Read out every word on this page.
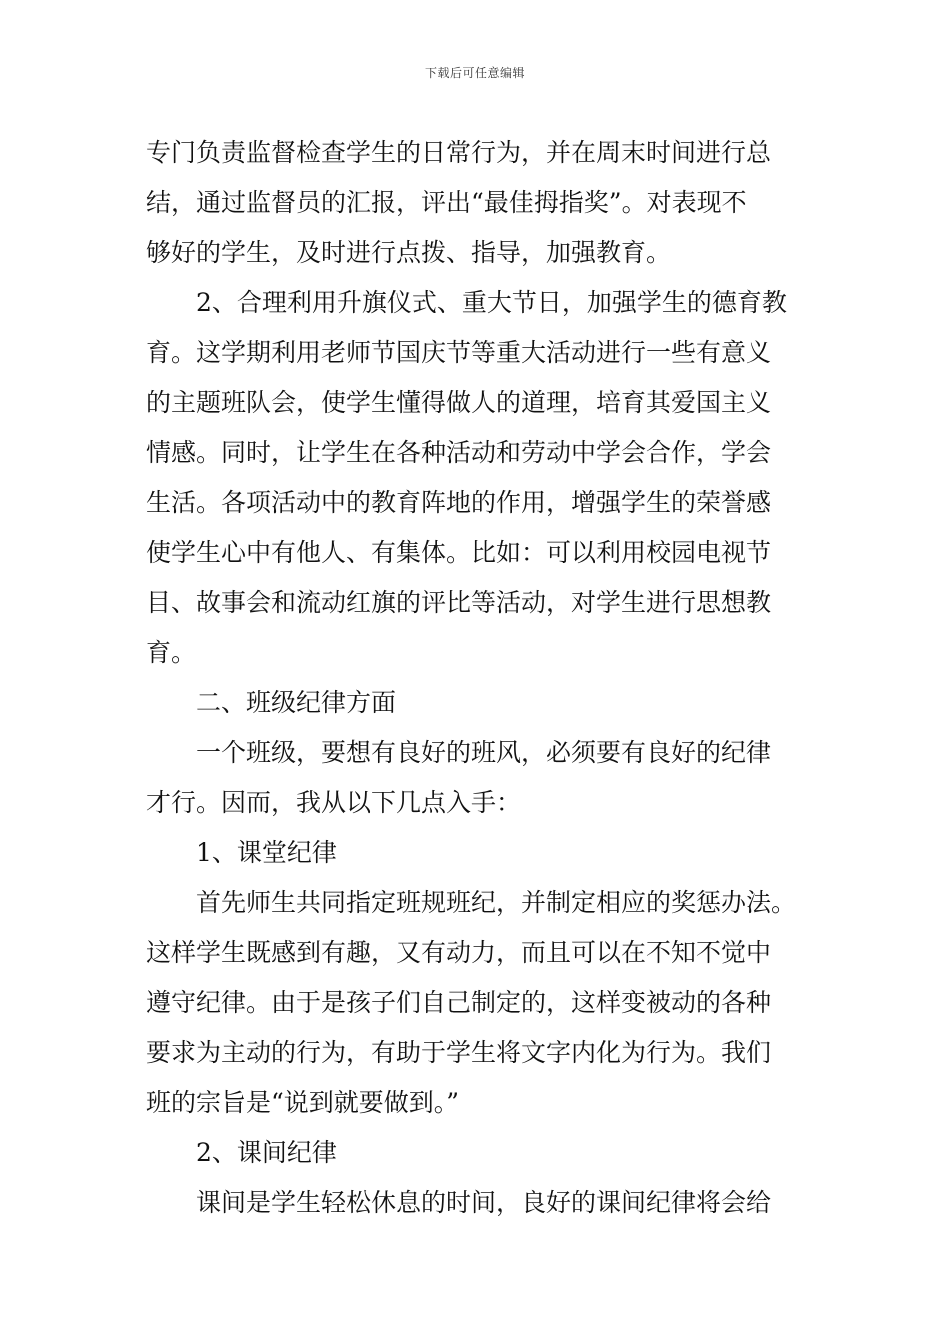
下载后可任意编辑
专门负责监督检查学生的日常行为，并在周末时间进行总
结，通过监督员的汇报，评出“最佳拇指奖”。对表现不
够好的学生，及时进行点拨、指导，加强教育。
2、合理利用升旗仪式、重大节日，加强学生的德育教
育。这学期利用老师节国庆节等重大活动进行一些有意义
的主题班队会，使学生懂得做人的道理，培育其爱国主义
情感。同时，让学生在各种活动和劳动中学会合作，学会
生活。各项活动中的教育阵地的作用，增强学生的荣誉感
使学生心中有他人、有集体。比如：可以利用校园电视节
目、故事会和流动红旗的评比等活动，对学生进行思想教
育。
二、班级纪律方面
一个班级，要想有良好的班风，必须要有良好的纪律
才行。因而，我从以下几点入手：
1、课堂纪律
首先师生共同指定班规班纪，并制定相应的奖惩办法。
这样学生既感到有趣，又有动力，而且可以在不知不觉中
遵守纪律。由于是孩子们自己制定的，这样变被动的各种
要求为主动的行为，有助于学生将文字内化为行为。我们
班的宗旨是“说到就要做到。”
2、课间纪律
课间是学生轻松休息的时间，良好的课间纪律将会给
